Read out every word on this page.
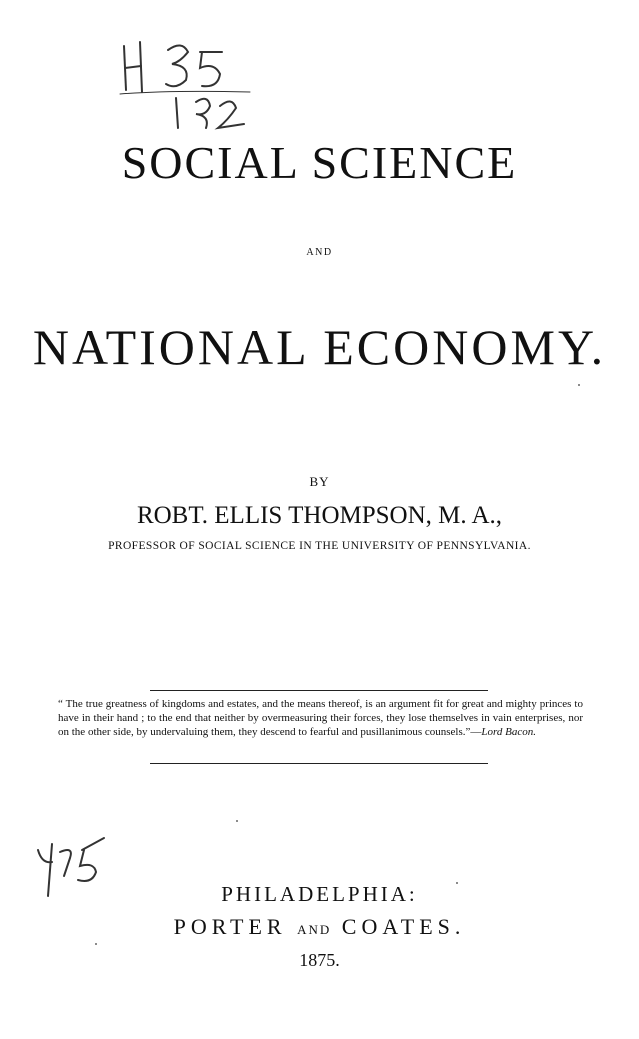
SOCIAL SCIENCE
AND
NATIONAL ECONOMY.
BY
ROBT. ELLIS THOMPSON, M. A.,
PROFESSOR OF SOCIAL SCIENCE IN THE UNIVERSITY OF PENNSYLVANIA.
“ The true greatness of kingdoms and estates, and the means thereof, is an argument fit for great and mighty princes to have in their hand ; to the end that neither by overmeasuring their forces, they lose themselves in vain enterprises, nor on the other side, by undervaluing them, they descend to fearful and pusillanimous counsels.”—Lord Bacon.
PHILADELPHIA:
PORTER AND COATES.
1875.
